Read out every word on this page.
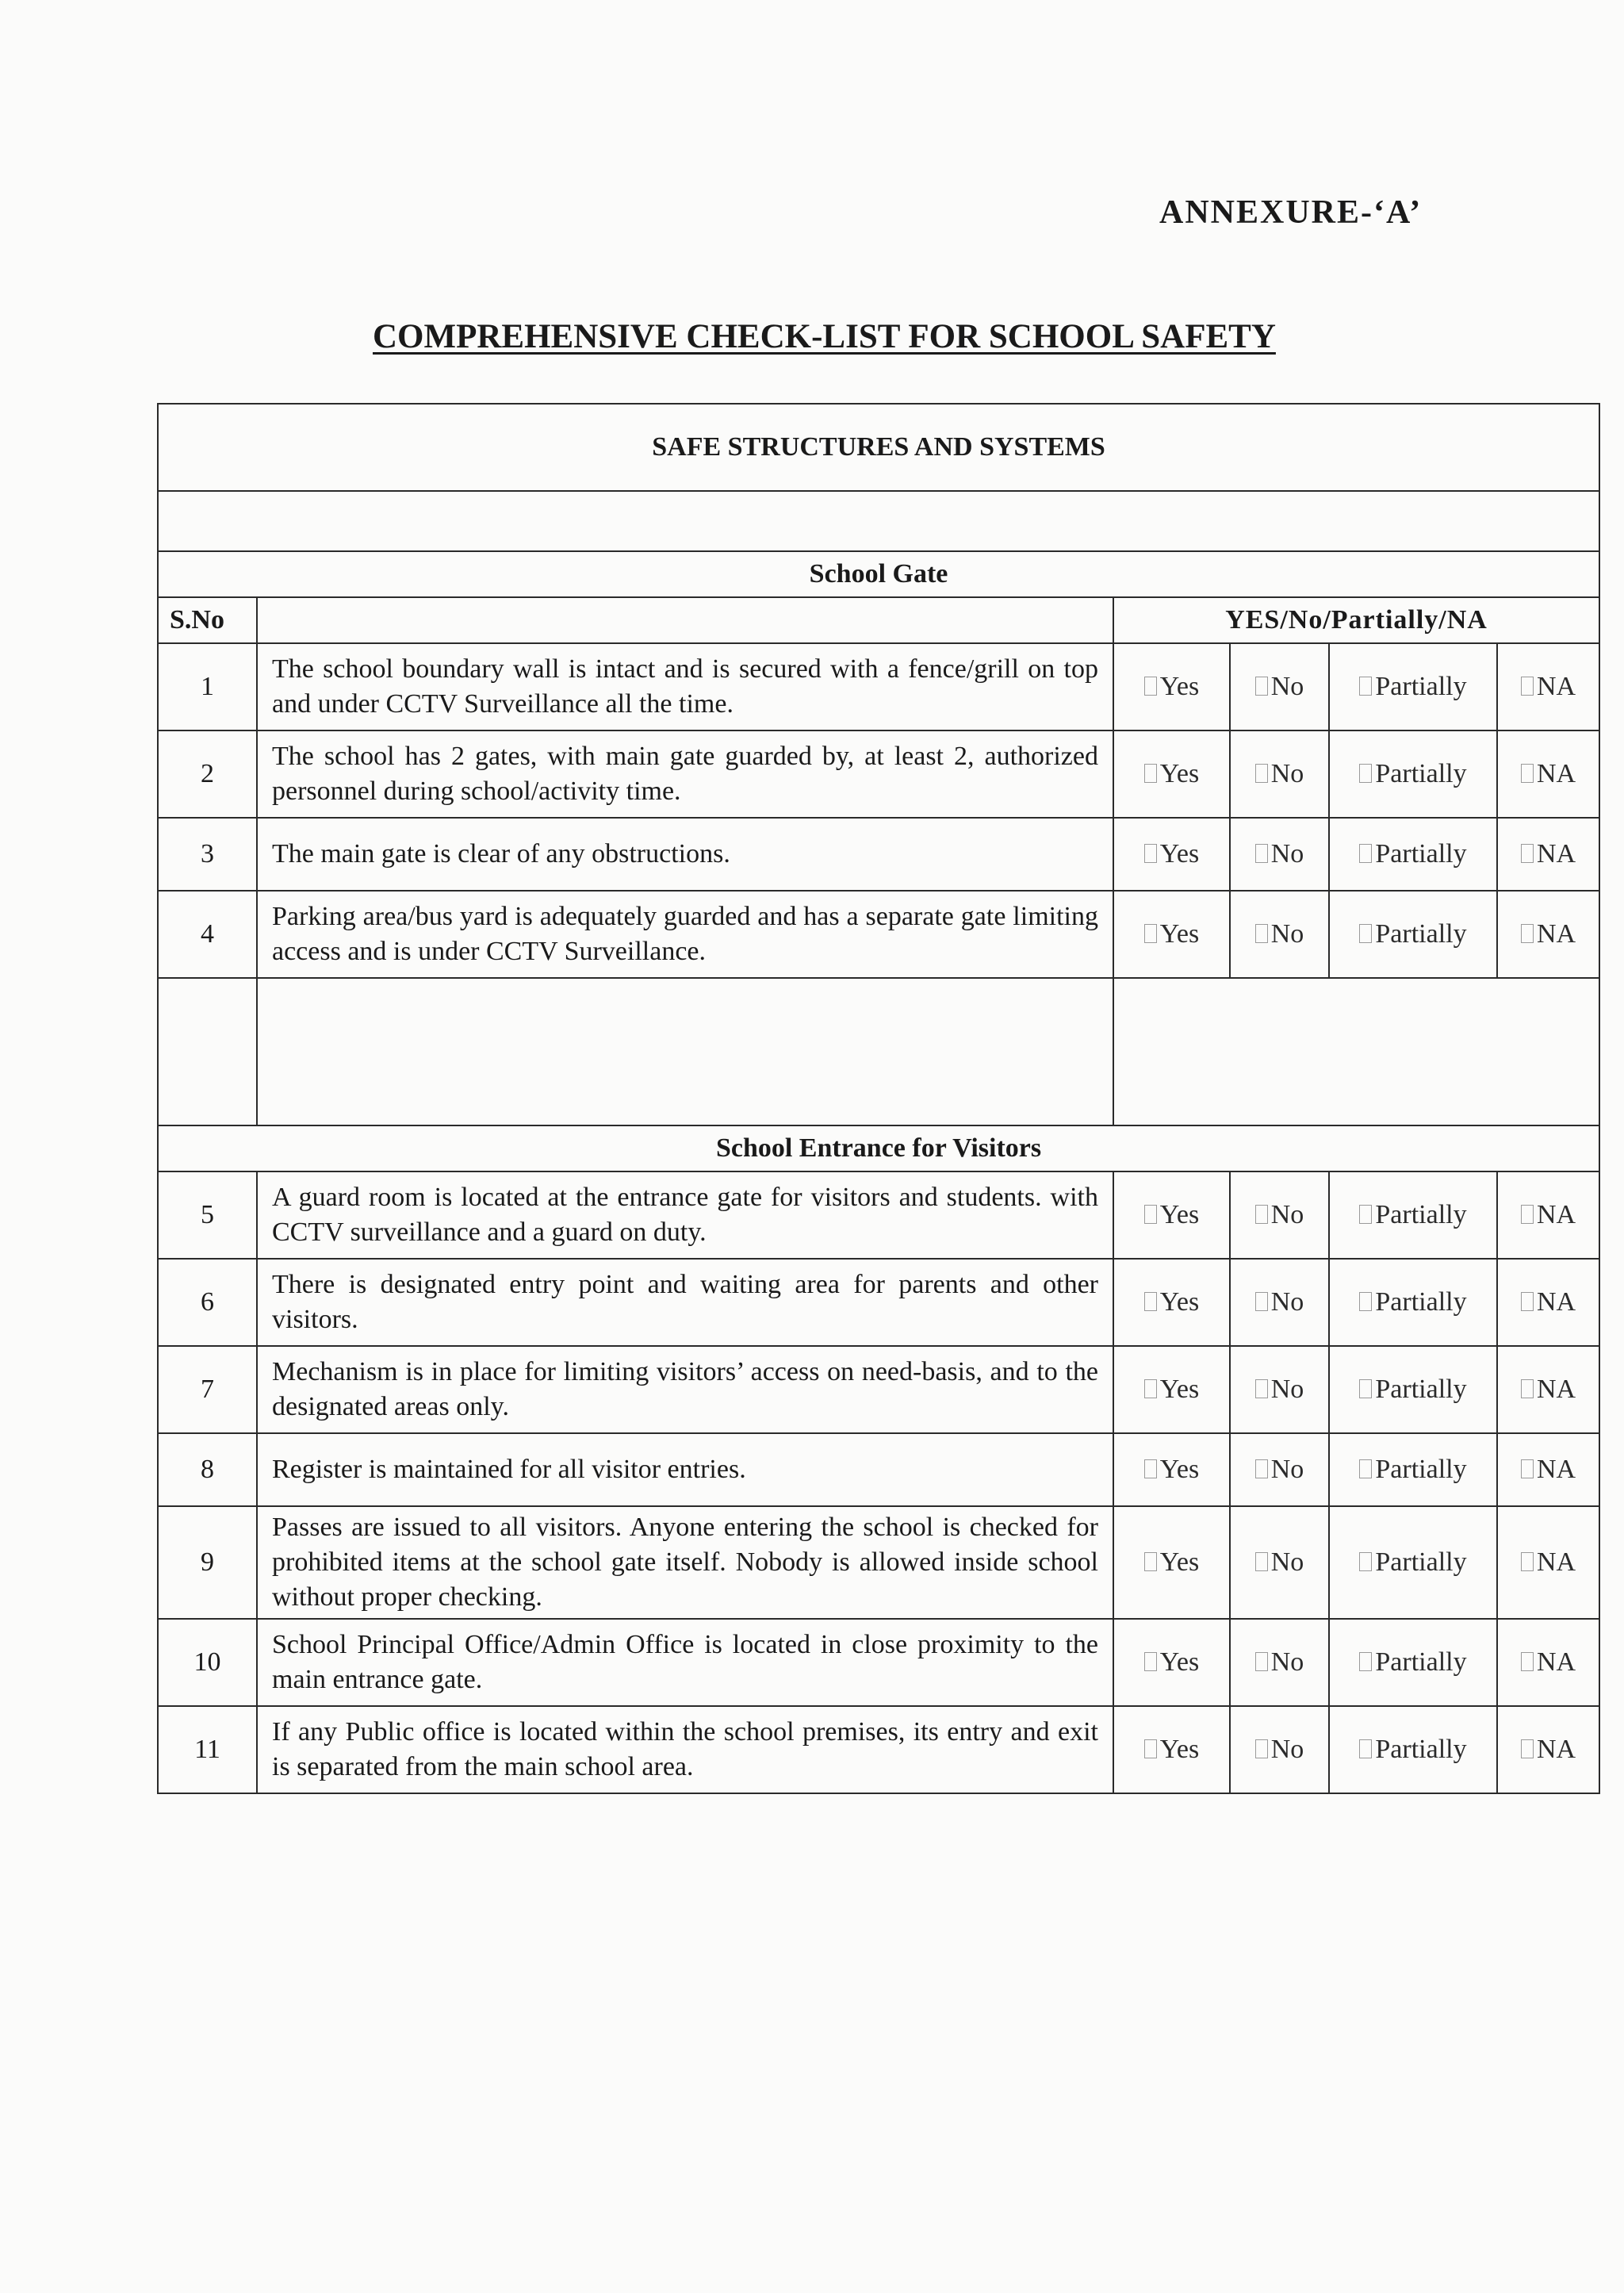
ANNEXURE-‘A’
COMPREHENSIVE CHECK-LIST FOR SCHOOL SAFETY
SAFE STRUCTURES AND SYSTEMS					

School Gate					
S.No		YES/No/Partially/NA			
1	The school boundary wall is intact and is secured with a fence/grill on top and under CCTV Surveillance all the time.	Yes	No	Partially	NA
2	The school has 2 gates, with main gate guarded by, at least 2, authorized personnel during school/activity time.	Yes	No	Partially	NA
3	The main gate is clear of any obstructions.	Yes	No	Partially	NA
4	Parking area/bus yard is adequately guarded and has a separate gate limiting access and is under CCTV Surveillance.	Yes	No	Partially	NA

School Entrance for Visitors					
5	A guard room is located at the entrance gate for visitors and students. with CCTV surveillance and a guard on duty.	Yes	No	Partially	NA
6	There is designated entry point and waiting area for parents and other visitors.	Yes	No	Partially	NA
7	Mechanism is in place for limiting visitors’ access on need-basis, and to the designated areas only.	Yes	No	Partially	NA
8	Register is maintained for all visitor entries.	Yes	No	Partially	NA
9	Passes are issued to all visitors. Anyone entering the school is checked for prohibited items at the school gate itself. Nobody is allowed inside school without proper checking.	Yes	No	Partially	NA
10	School Principal Office/Admin Office is located in close proximity to the main entrance gate.	Yes	No	Partially	NA
11	If any Public office is located within the school premises, its entry and exit is separated from the main school area.	Yes	No	Partially	NA
